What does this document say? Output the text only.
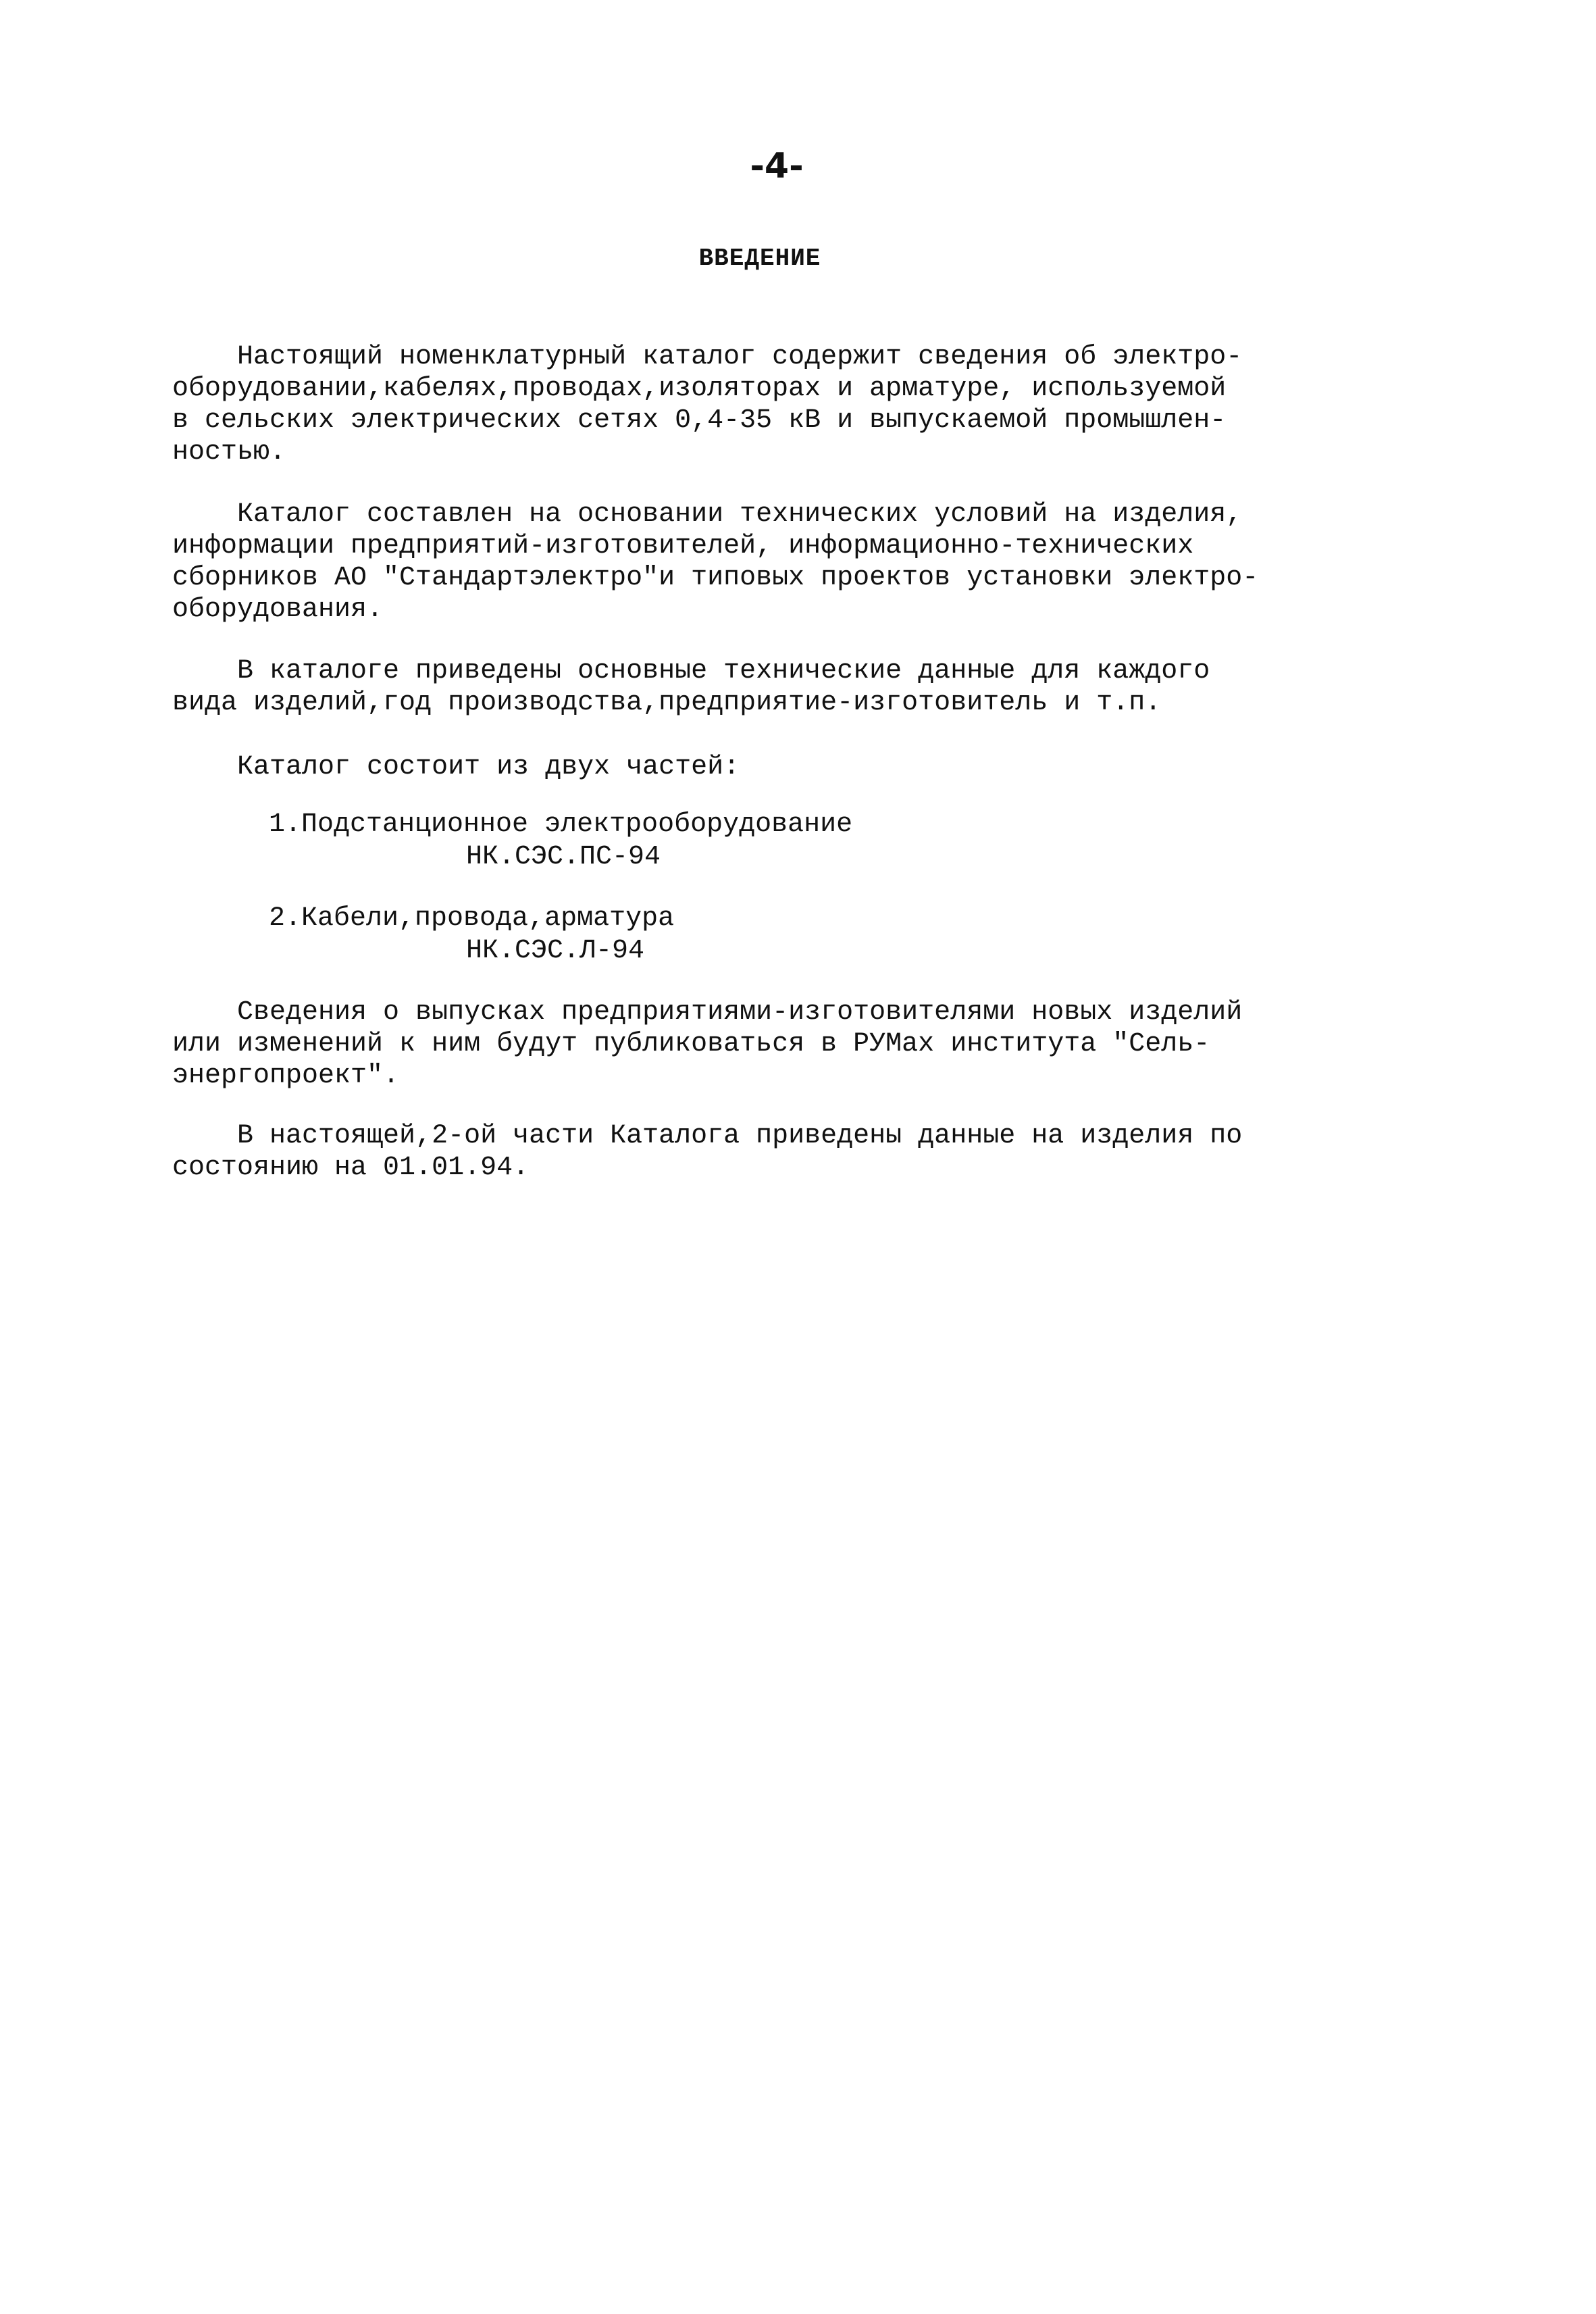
-4-
ВВЕДЕНИЕ
Настоящий номенклатурный каталог содержит сведения об электро-
оборудовании,кабелях,проводах,изоляторах и арматуре, используемой
в сельских электрических сетях 0,4-35 кВ и выпускаемой промышлен-
ностью.
Каталог составлен на основании технических условий на изделия,
информации предприятий-изготовителей, информационно-технических
сборников АО "Стандартэлектро"и типовых проектов установки электро-
оборудования.
В каталоге приведены основные технические данные для каждого
вида изделий,год производства,предприятие-изготовитель и т.п.
Каталог состоит из двух частей:
1.Подстанционное электрооборудование
НК.СЭС.ПС-94
2.Кабели,провода,арматура
НК.СЭС.Л-94
Сведения о выпусках предприятиями-изготовителями новых изделий
или изменений к ним будут публиковаться в РУМах института "Сель-
энергопроект".
В настоящей,2-ой части Каталога приведены данные на изделия по
состоянию на 01.01.94.
